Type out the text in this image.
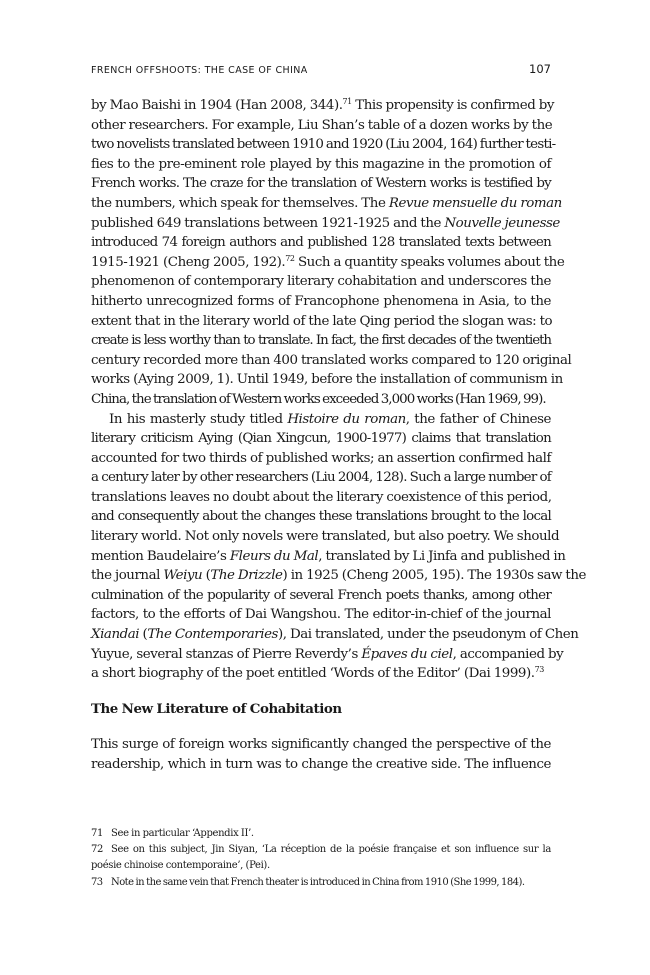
FRENCH OFFSHOOTS: THE CASE OF CHINA	107
by Mao Baishi in 1904 (Han 2008, 344).$^{71}$ This propensity is confirmed by
other researchers. For example, Liu Shan’s table of a dozen works by the
two novelists translated between 1910 and 1920 (Liu 2004, 164) further testi-
fies to the pre-eminent role played by this magazine in the promotion of
French works. The craze for the translation of Western works is testified by
the numbers, which speak for themselves. The Revue mensuelle du roman
published 649 translations between 1921-1925 and the Nouvelle jeunesse
introduced 74 foreign authors and published 128 translated texts between
1915-1921 (Cheng 2005, 192).$^{72}$ Such a quantity speaks volumes about the
phenomenon of contemporary literary cohabitation and underscores the
hitherto unrecognized forms of Francophone phenomena in Asia, to the
extent that in the literary world of the late Qing period the slogan was: to
create is less worthy than to translate. In fact, the first decades of the twentieth
century recorded more than 400 translated works compared to 120 original
works (Aying 2009, 1). Until 1949, before the installation of communism in
China, the translation of Western works exceeded 3,000 works (Han 1969, 99).
In his masterly study titled Histoire du roman, the father of Chinese
literary criticism Aying (Qian Xingcun, 1900-1977) claims that translation
accounted for two thirds of published works; an assertion confirmed half
a century later by other researchers (Liu 2004, 128). Such a large number of
translations leaves no doubt about the literary coexistence of this period,
and consequently about the changes these translations brought to the local
literary world. Not only novels were translated, but also poetry. We should
mention Baudelaire’s Fleurs du Mal, translated by Li Jinfa and published in
the journal Weiyu (The Drizzle) in 1925 (Cheng 2005, 195). The 1930s saw the
culmination of the popularity of several French poets thanks, among other
factors, to the efforts of Dai Wangshou. The editor-in-chief of the journal
Xiandai (The Contemporaries), Dai translated, under the pseudonym of Chen
Yuyue, several stanzas of Pierre Reverdy’s Épaves du ciel, accompanied by
a short biography of the poet entitled ‘Words of the Editor’ (Dai 1999).$^{73}$
The New Literature of Cohabitation
This surge of foreign works significantly changed the perspective of the
readership, which in turn was to change the creative side. The influence
71 See in particular ‘Appendix II’.
72 See on this subject, Jin Siyan, ‘La réception de la poésie française et son influence sur la
poésie chinoise contemporaine’, (Pei).
73 Note in the same vein that French theater is introduced in China from 1910 (She 1999, 184).
